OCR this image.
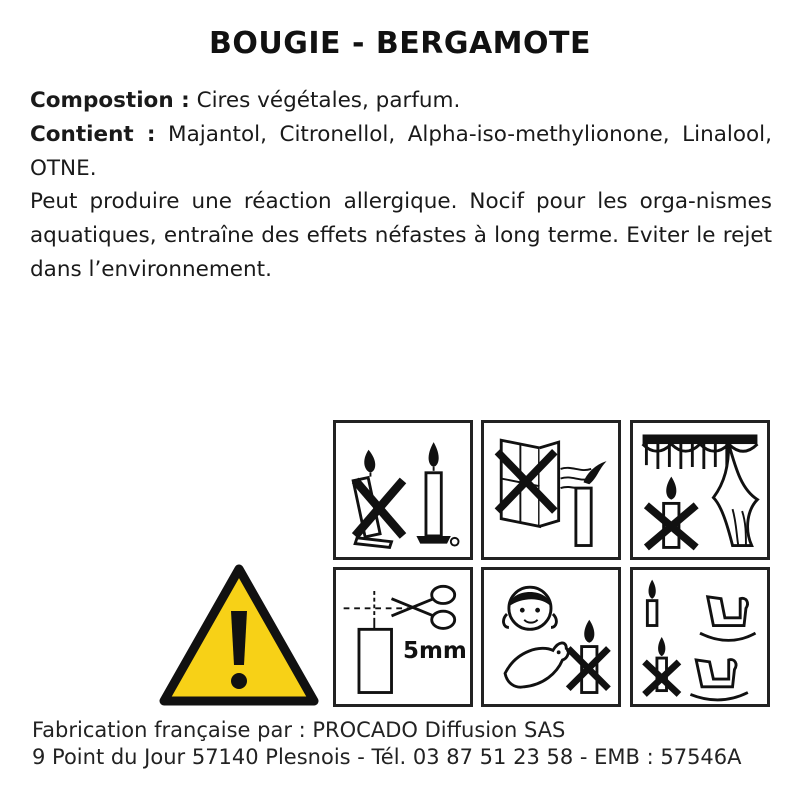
BOUGIE - BERGAMOTE
Compostion : Cires végétales, parfum.
Contient : Majantol, Citronellol, Alpha-iso-methylionone, Linalool, OTNE.
Peut produire une réaction allergique. Nocif pour les orga-nismes aquatiques, entraîne des effets néfastes à long terme. Eviter le rejet dans l’environnement.
5mm
Fabrication française par : PROCADO Diffusion SAS
9 Point du Jour 57140 Plesnois - Tél. 03 87 51 23 58 - EMB : 57546A
